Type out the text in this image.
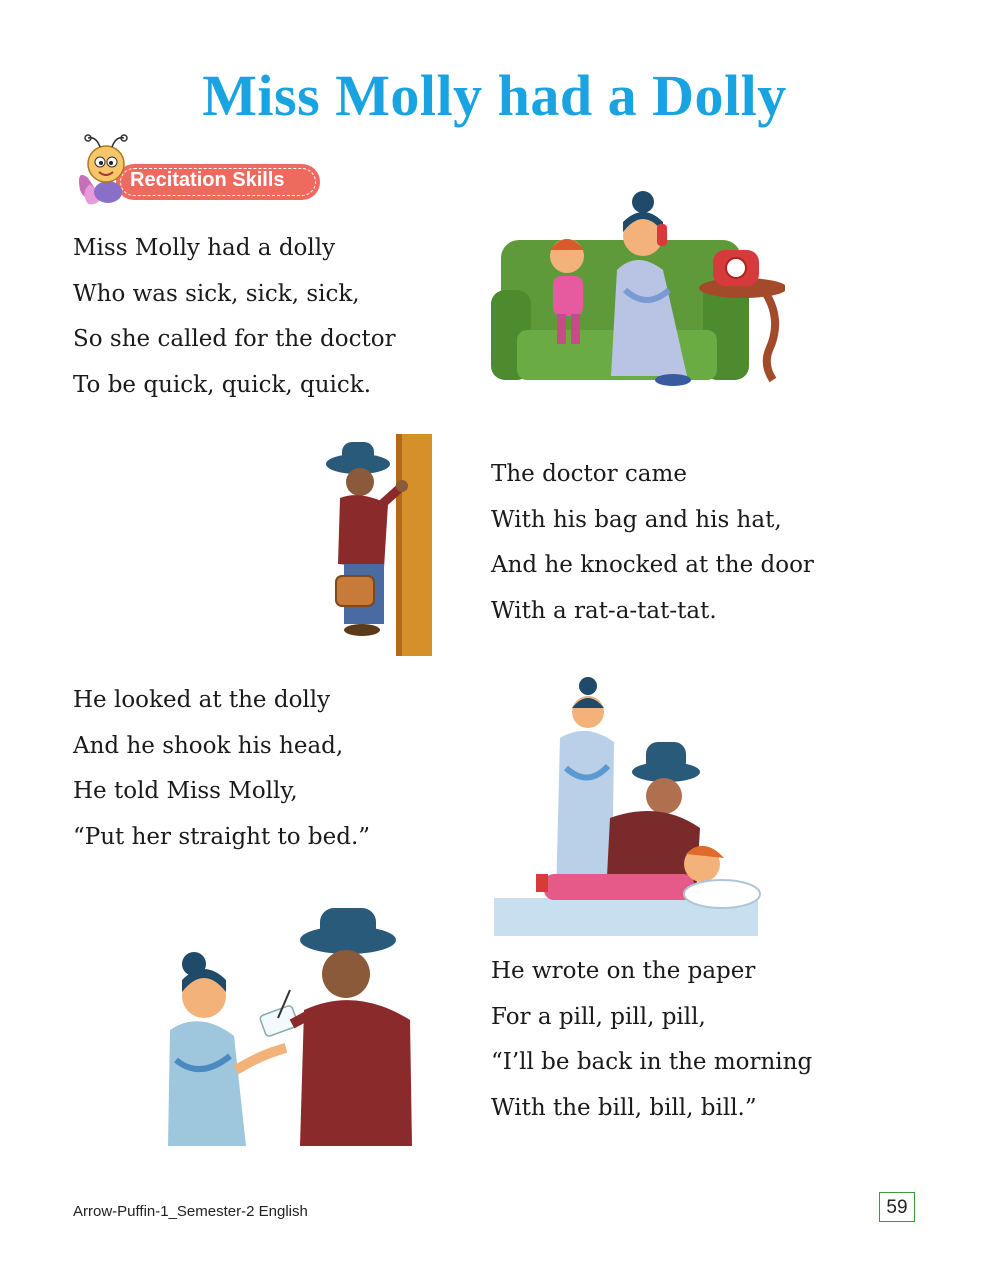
Miss Molly had a Dolly
Recitation Skills
Miss Molly had a dolly
Who was sick, sick, sick,
So she called for the doctor
To be quick, quick, quick.
The doctor came
With his bag and his hat,
And he knocked at the door
With a rat-a-tat-tat.
He looked at the dolly
And he shook his head,
He told Miss Molly,
“Put her straight to bed.”
He wrote on the paper
For a pill, pill, pill,
“I’ll be back in the morning
With the bill, bill, bill.”
Arrow-Puffin-1_Semester-2 English	59
